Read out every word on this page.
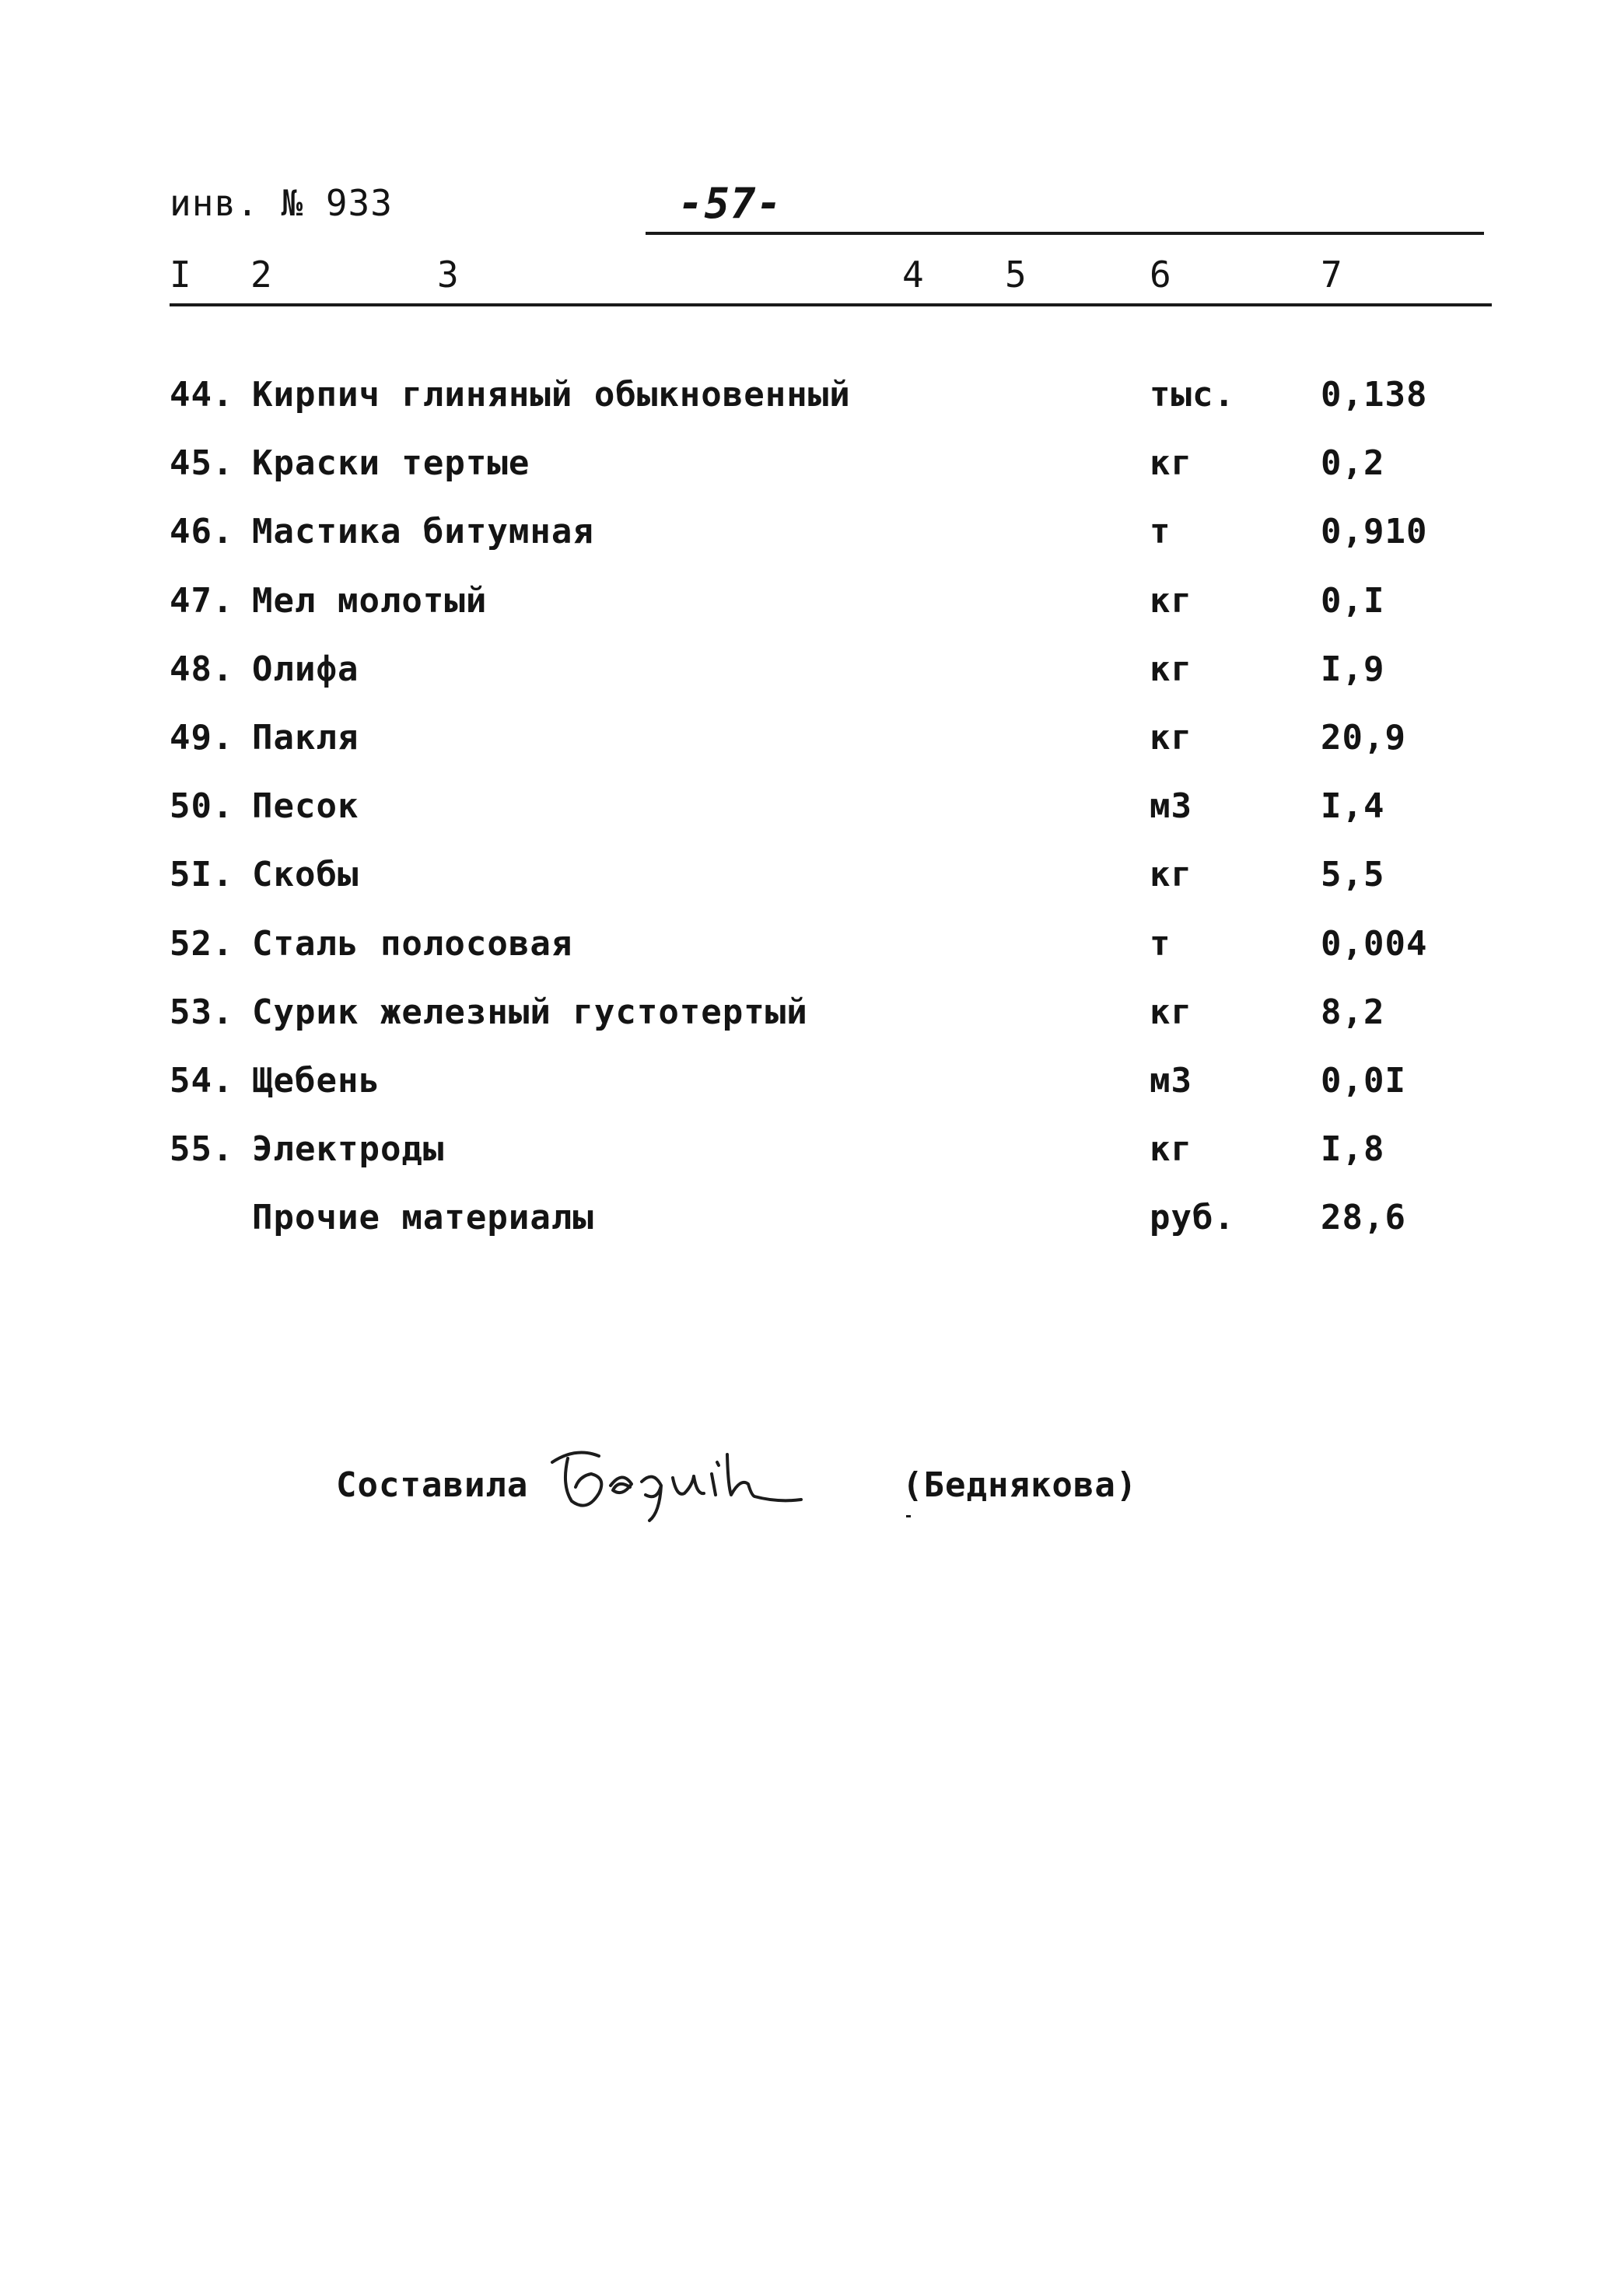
инв. № 933	-57-
I 2	3	4 5	6	7
44. Кирпич глиняный обыкновенный	тыс.	0,138
45. Краски тертые	кг	0,2
46. Мастика битумная	т	0,910
47. Мел молотый	кг	0,I
48. Олифа	кг	I,9
49. Пакля	кг	20,9
50. Песок	м3	I,4
5I. Скобы	кг	5,5
52. Сталь полосовая	т	0,004
53. Сурик железный густотертый	кг	8,2
54. Щебень	м3	0,0I
55. Электроды	кг	I,8
Прочие материалы	руб.	28,6
Составила	(Беднякова)
